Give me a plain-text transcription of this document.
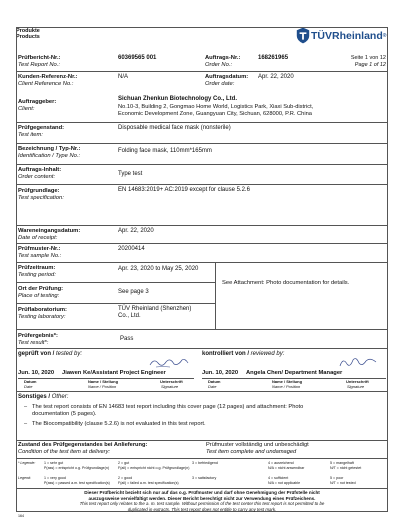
Produkte
Products	TÜVRheinland®
Prüfbericht-Nr.:
Test Report No.:
60369565 001	Auftrags-Nr.:
Order No.:
168261965	Seite 1 von 12
Page 1 of 12
Kunden-Referenz-Nr.:
Client Reference No.:
N/A	Auftragsdatum:
Order date:
Apr. 22, 2020
Auftraggeber:
Client:
Sichuan Zhenkun Biotechnology Co., Ltd.
No.10-3, Building 2, Gongmao Home World, Logistics Park, Xiaxi Sub-district,
Economic Development Zone, Guangyuan City, Sichuan, 628000, P.R. China
Prüfgegenstand:
Test item:
Disposable medical face mask (nonsterile)
Bezeichnung / Typ-Nr.:
Identification / Type No.:
Folding face mask, 110mm*165mm
Auftrags-Inhalt:
Order content:	Type test
Prüfgrundlage:
Test specification:
EN 14683:2019+ AC:2019 except for clause 5.2.6
Wareneingangsdatum:
Date of receipt:
Apr. 22, 2020
Prüfmuster-Nr.:
Test sample No.:
20200414
Prüfzeitraum:
Testing period:
Apr. 23, 2020 to May 25, 2020
See Attachment: Photo documentation for details.
Ort der Prüfung:
Place of testing:
See page 3
Prüflaboratorium:
Testing laboratory:
TÜV Rheinland (Shenzhen)
Co., Ltd.
Prüfergebnis*:
Test result*:
Pass
geprüft von / tested by:	kontrolliert von / reviewed by:
Jun. 10, 2020 Jiawen Ke/Assistant Project Engineer	Jun. 10, 2020 Angela Chen/ Department Manager
Datum	Name / Stellung	Unterschrift
Date	Name / Position	Signature
Datum	Name / Stellung	Unterschrift
Date	Name / Position	Signature
Sonstiges / Other:
– The test report consists of EN 14683 test report including this cover page (12 pages) and attachment: Photo
documentation (5 pages).
– The Biocompatibility (clause 5.2.6) is not evaluated in this test report.
Zustand des Prüfgegenstandes bei Anlieferung:
Condition of the test item at delivery:
Prüfmuster vollständig und unbeschädigt
Test item complete and undamaged
* Legende: 1 = sehr gut	2 = gut	3 = befriedigend	4 = ausreichend	5 = mangelhaft
P(ass) = entspricht o.g. Prüfgrundlage(n) F(ail) = entspricht nicht o.g. Prüfgrundlage(n)	N/A = nicht anwendbar	N/T = nicht getestet
Legend:	1 = very good	2 = good	3 = satisfactory	4 = sufficient	5 = poor
P(ass) = passed a.m. test specification(s) F(ail) = failed a.m. test specification(s)	N/A = not applicable	N/T = not tested
Dieser Prüfbericht bezieht sich nur auf das o.g. Prüfmuster und darf ohne Genehmigung der Prüfstelle nicht
auszugsweise vervielfältigt werden. Dieser Bericht berechtigt nicht zur Verwendung eines Prüfzeichens.
This test report only relates to the a. m. test sample. Without permission of the test center this test report is not permitted to be
duplicated in extracts. This test report does not entitle to carry any test mark.
164
